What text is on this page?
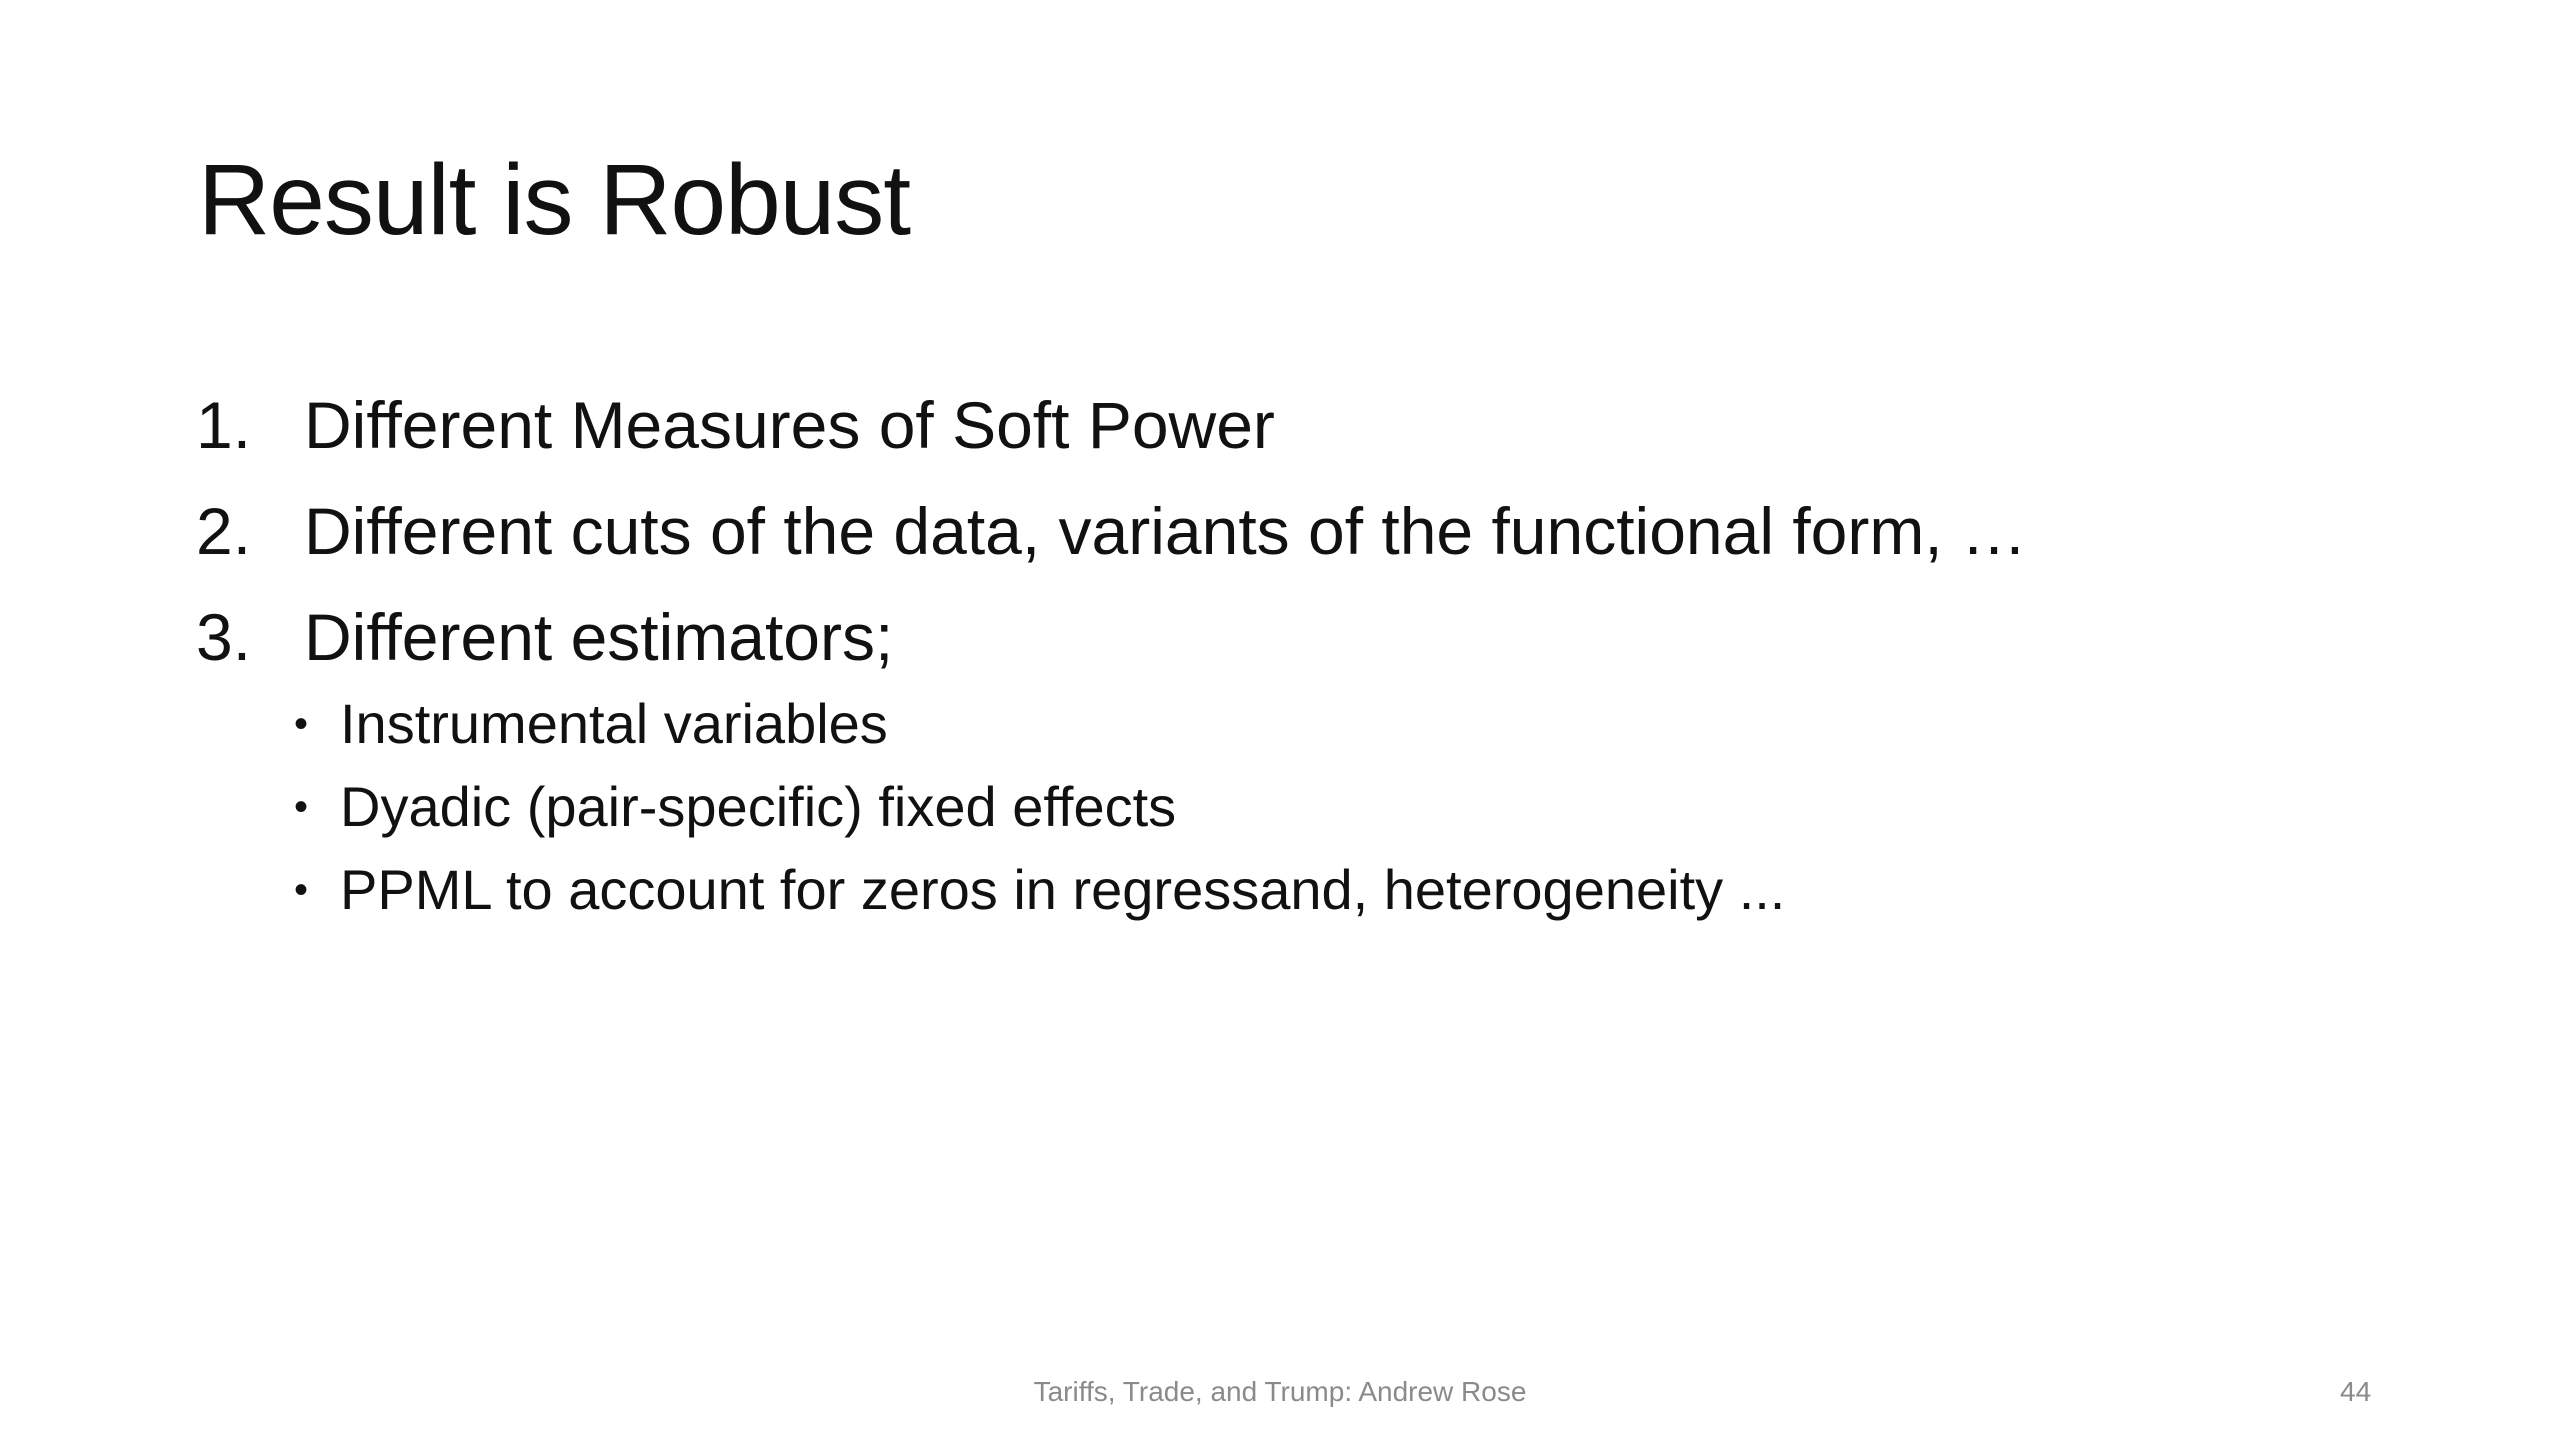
Result is Robust
1. Different Measures of Soft Power
2. Different cuts of the data, variants of the functional form, …
3. Different estimators;
• Instrumental variables
• Dyadic (pair-specific) fixed effects
• PPML to account for zeros in regressand, heterogeneity ...
Tariffs, Trade, and Trump: Andrew Rose	44
